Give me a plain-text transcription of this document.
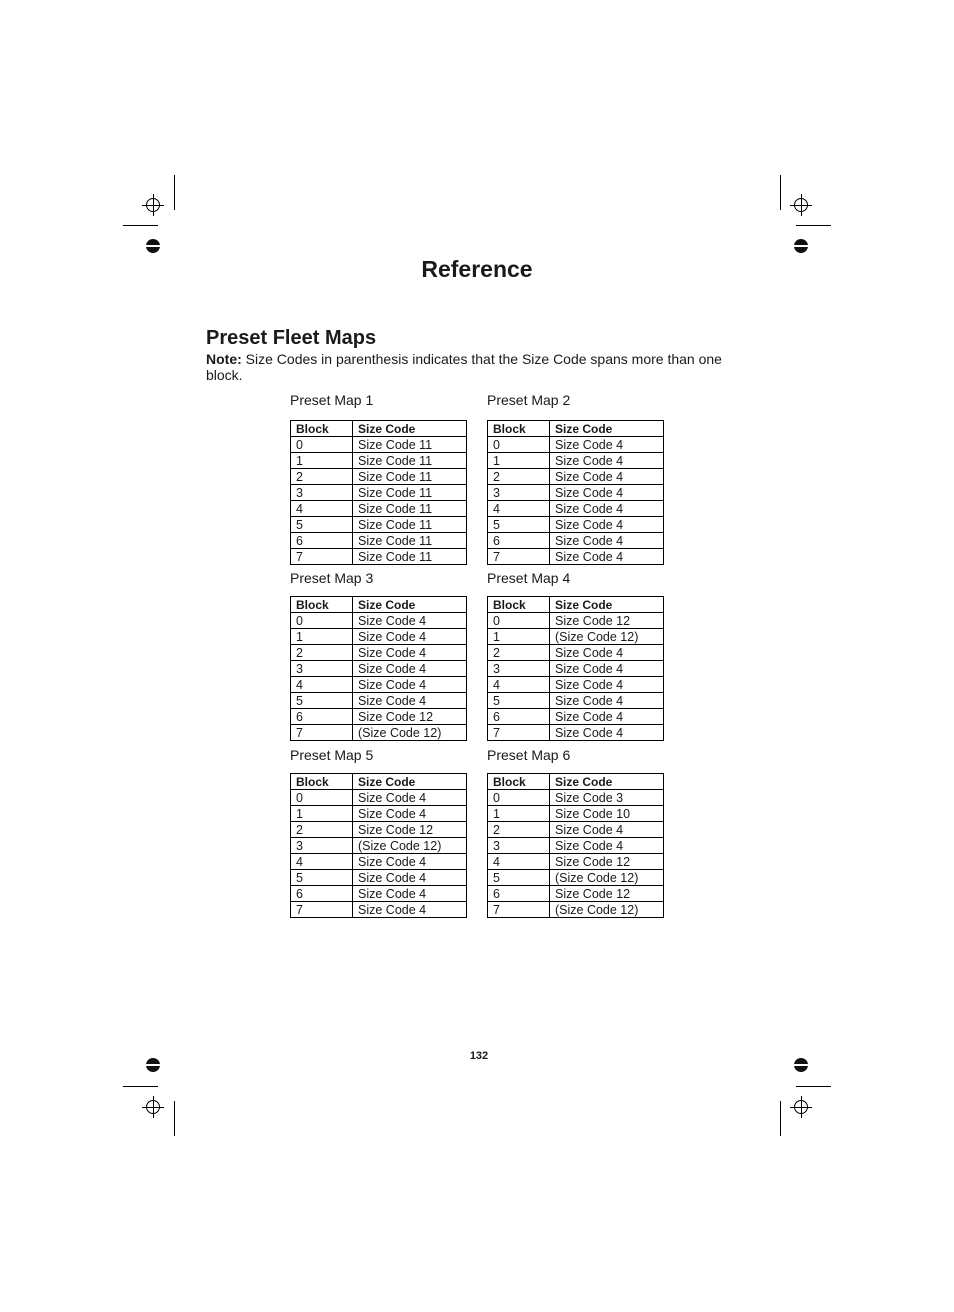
Reference
Preset Fleet Maps
Note: Size Codes in parenthesis indicates that the Size Code spans more than one block.
Preset Map 1
Block	Size Code
0	Size Code 11
1	Size Code 11
2	Size Code 11
3	Size Code 11
4	Size Code 11
5	Size Code 11
6	Size Code 11
7	Size Code 11
Preset Map 2
Block	Size Code
0	Size Code 4
1	Size Code 4
2	Size Code 4
3	Size Code 4
4	Size Code 4
5	Size Code 4
6	Size Code 4
7	Size Code 4
Preset Map 3
Block	Size Code
0	Size Code 4
1	Size Code 4
2	Size Code 4
3	Size Code 4
4	Size Code 4
5	Size Code 4
6	Size Code 12
7	(Size Code 12)
Preset Map 4
Block	Size Code
0	Size Code 12
1	(Size Code 12)
2	Size Code 4
3	Size Code 4
4	Size Code 4
5	Size Code 4
6	Size Code 4
7	Size Code 4
Preset Map 5
Block	Size Code
0	Size Code 4
1	Size Code 4
2	Size Code 12
3	(Size Code 12)
4	Size Code 4
5	Size Code 4
6	Size Code 4
7	Size Code 4
Preset Map 6
Block	Size Code
0	Size Code 3
1	Size Code 10
2	Size Code 4
3	Size Code 4
4	Size Code 12
5	(Size Code 12)
6	Size Code 12
7	(Size Code 12)
132
